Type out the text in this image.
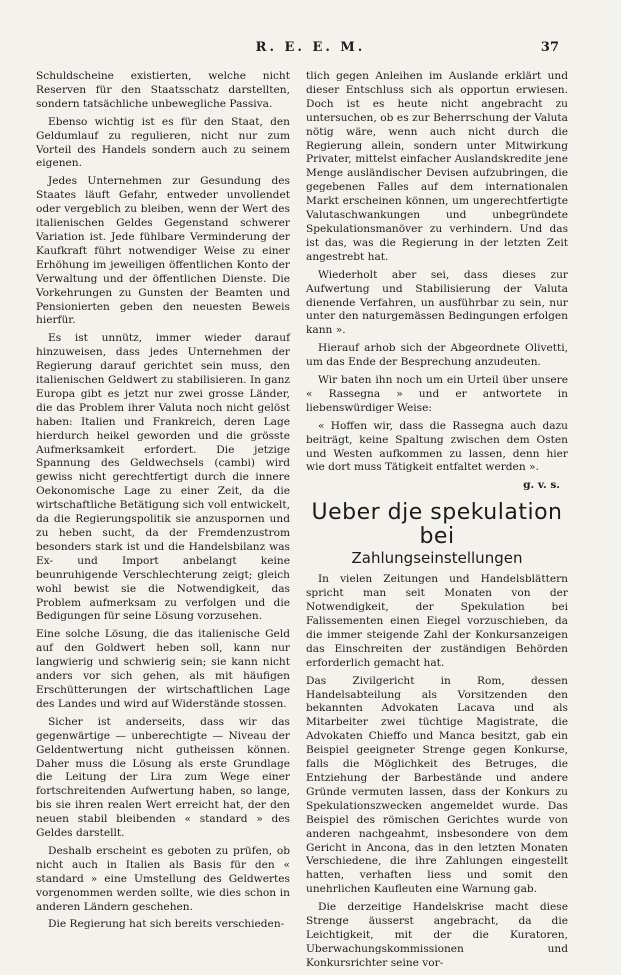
R. E. E. M.	37

Schuldscheine existierten, welche nicht Reserven für den Staatsschatz darstellten, sondern tatsächliche unbewegliche Passiva.

Ebenso wichtig ist es für den Staat, den Geldumlauf zu regulieren, nicht nur zum Vorteil des Handels sondern auch zu seinem eigenen.

Jedes Unternehmen zur Gesundung des Staates läuft Gefahr, entweder unvollendet oder vergeblich zu bleiben, wenn der Wert des italienischen Geldes Gegenstand schwerer Variation ist. Jede fühlbare Verminderung der Kaufkraft führt notwendiger Weise zu einer Erhöhung im jeweiligen öffentlichen Konto der Verwaltung und der öffentlichen Dienste. Die Vorkehrungen zu Gunsten der Beamten und Pensionierten geben den neuesten Beweis hierfür.

Es ist unnütz, immer wieder darauf hinzuweisen, dass jedes Unternehmen der Regierung darauf gerichtet sein muss, den italienischen Geldwert zu stabilisieren. In ganz Europa gibt es jetzt nur zwei grosse Länder, die das Problem ihrer Valuta noch nicht gelöst haben: Italien und Frankreich, deren Lage hierdurch heikel geworden und die grösste Aufmerksamkeit erfordert. Die jetzige Spannung des Geldwechsels (cambi) wird gewiss nicht gerechtfertigt durch die innere Oekonomische Lage zu einer Zeit, da die wirtschaftliche Betätigung sich voll entwickelt, da die Regierungspolitik sie anzuspornen und zu heben sucht, da der Fremdenzustrom besonders stark ist und die Handelsbilanz was Ex- und Import anbelangt keine beunruhigende Verschlechterung zeigt; gleich wohl bewist sie die Notwendigkeit, das Problem aufmerksam zu verfolgen und die Bedigungen für seine Lösung vorzusehen.

Eine solche Lösung, die das italienische Geld auf den Goldwert heben soll, kann nur langwierig und schwierig sein; sie kann nicht anders vor sich gehen, als mit häufigen Erschütterungen der wirtschaftlichen Lage des Landes und wird auf Widerstände stossen.

Sicher ist anderseits, dass wir das gegenwärtige — unberechtigte — Niveau der Geldentwertung nicht gutheissen können. Daher muss die Lösung als erste Grundlage die Leitung der Lira zum Wege einer fortschreitenden Aufwertung haben, so lange, bis sie ihren realen Wert erreicht hat, der den neuen stabil bleibenden « standard » des Geldes darstellt.

Deshalb erscheint es geboten zu prüfen, ob nicht auch in Italien als Basis für den « standard » eine Umstellung des Geldwertes vorgenommen werden sollte, wie dies schon in anderen Ländern geschehen.

Die Regierung hat sich bereits verschieden-

tlich gegen Anleihen im Auslande erklärt und dieser Entschluss sich als opportun erwiesen. Doch ist es heute nicht angebracht zu untersuchen, ob es zur Beherrschung der Valuta nötig wäre, wenn auch nicht durch die Regierung allein, sondern unter Mitwirkung Privater, mittelst einfacher Auslandskredite jene Menge ausländischer Devisen aufzubringen, die gegebenen Falles auf dem internationalen Markt erscheinen können, um ungerechtfertigte Valutaschwankungen und unbegründete Spekulationsmanöver zu verhindern. Und das ist das, was die Regierung in der letzten Zeit angestrebt hat.

Wiederholt aber sei, dass dieses zur Aufwertung und Stabilisierung der Valuta dienende Verfahren, un ausführbar zu sein, nur unter den naturgemässen Bedingungen erfolgen kann ».

Hierauf arhob sich der Abgeordnete Olivetti, um das Ende der Besprechung anzudeuten.

Wir baten ihn noch um ein Urteil über unsere « Rassegna » und er antwortete in liebenswürdiger Weise:

« Hoffen wir, dass die Rassegna auch dazu beiträgt, keine Spaltung zwischen dem Osten und Westen aufkommen zu lassen, denn hier wie dort muss Tätigkeit entfaltet werden ».

g. v. s.
Ueber dje spekulation bei
Zahlungseinstellungen

In vielen Zeitungen und Handelsblättern spricht man seit Monaten von der Notwendigkeit, der Spekulation bei Falissementen einen Eiegel vorzuschieben, da die immer steigende Zahl der Konkursanzeigen das Einschreiten der zuständigen Behörden erforderlich gemacht hat.

Das Zivilgericht in Rom, dessen Handelsabteilung als Vorsitzenden den bekannten Advokaten Lacava und als Mitarbeiter zwei tüchtige Magistrate, die Advokaten Chieffo und Manca besitzt, gab ein Beispiel geeigneter Strenge gegen Konkurse, falls die Möglichkeit des Betruges, die Entziehung der Barbestände und andere Gründe vermuten lassen, dass der Konkurs zu Spekulationszwecken angemeldet wurde. Das Beispiel des römischen Gerichtes wurde von anderen nachgeahmt, insbesondere von dem Gericht in Ancona, das in den letzten Monaten Verschiedene, die ihre Zahlungen eingestellt hatten, verhaften liess und somit den unehrlichen Kaufleuten eine Warnung gab.

Die derzeitige Handelskrise macht diese Strenge äusserst angebracht, da die Leichtigkeit, mit der die Kuratoren, Uberwachungskommissionen und Konkursrichter seine vor-
